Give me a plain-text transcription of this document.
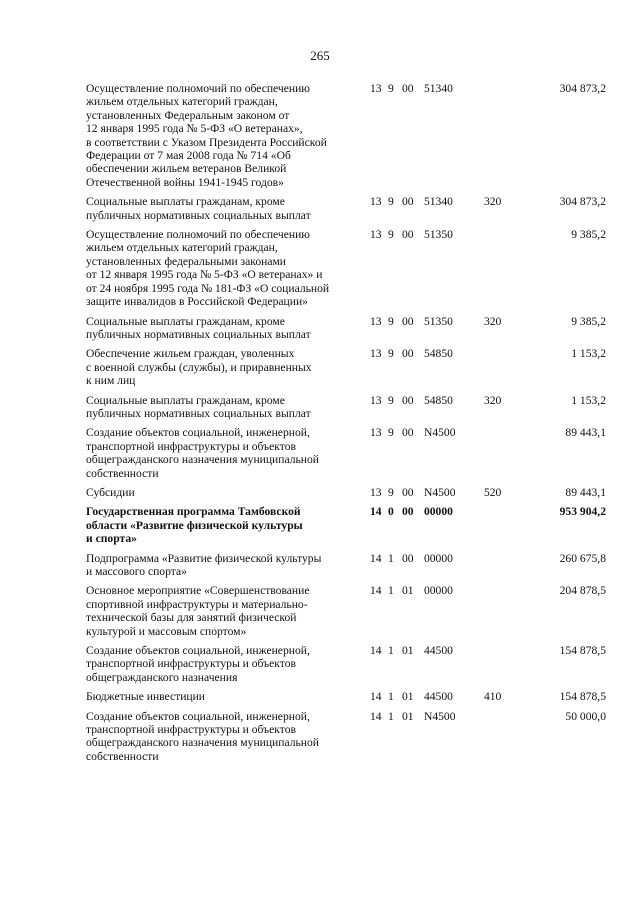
265
Осуществление полномочий по обеспечению
жильем отдельных категорий граждан,
установленных Федеральным законом от
12 января 1995 года № 5-ФЗ «О ветеранах»,
в соответствии с Указом Президента Российской
Федерации от 7 мая 2008 года № 714 «Об
обеспечении жильем ветеранов Великой
Отечественной войны 1941-1945 годов»
13 9 00 51340	304 873,2
Социальные выплаты гражданам, кроме
публичных нормативных социальных выплат
13 9 00 51340	320	304 873,2
Осуществление полномочий по обеспечению
жильем отдельных категорий граждан,
установленных федеральными законами
от 12 января 1995 года № 5-ФЗ «О ветеранах» и
от 24 ноября 1995 года № 181-ФЗ «О социальной
защите инвалидов в Российской Федерации»
13 9 00 51350	9 385,2
Социальные выплаты гражданам, кроме
публичных нормативных социальных выплат
13 9 00 51350	320	9 385,2
Обеспечение жильем граждан, уволенных
с военной службы (службы), и приравненных
к ним лиц
13 9 00 54850	1 153,2
Социальные выплаты гражданам, кроме
публичных нормативных социальных выплат
13 9 00 54850	320	1 153,2
Создание объектов социальной, инженерной,
транспортной инфраструктуры и объектов
общегражданского назначения муниципальной
собственности
13 9 00 N4500	89 443,1
Субсидии	13 9 00 N4500	520	89 443,1
Государственная программа Тамбовской
области «Развитие физической культуры
и спорта»
14 0 00 00000	953 904,2
Подпрограмма «Развитие физической культуры
и массового спорта»
14 1 00 00000	260 675,8
Основное мероприятие «Совершенствование
спортивной инфраструктуры и материально-
технической базы для занятий физической
культурой и массовым спортом»
14 1 01 00000	204 878,5
Создание объектов социальной, инженерной,
транспортной инфраструктуры и объектов
общегражданского назначения
14 1 01 44500	154 878,5
Бюджетные инвестиции	14 1 01 44500	410	154 878,5
Создание объектов социальной, инженерной,
транспортной инфраструктуры и объектов
общегражданского назначения муниципальной
собственности
14 1 01 N4500	50 000,0
